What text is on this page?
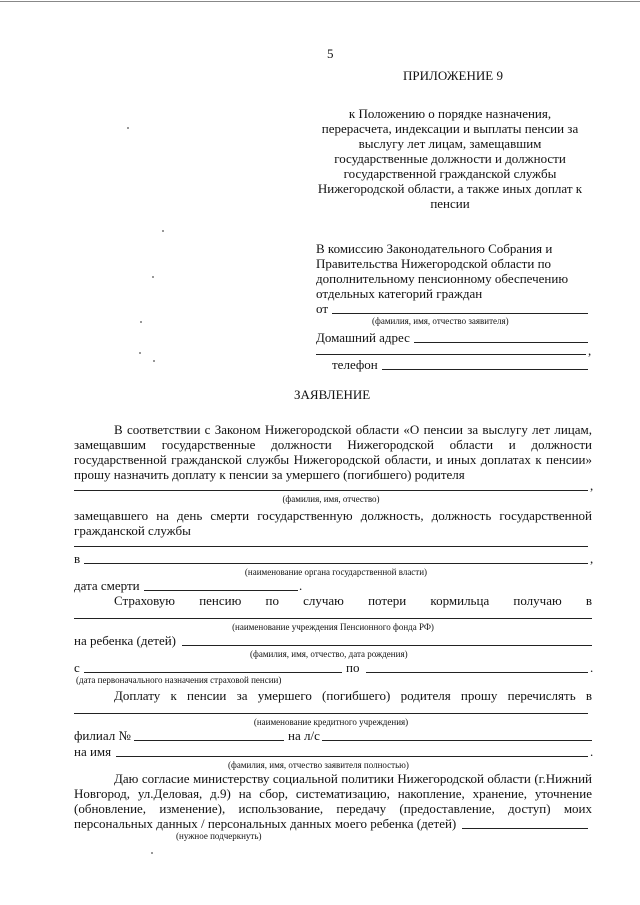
5
ПРИЛОЖЕНИЕ 9
к Положению о порядке назначения,
перерасчета, индексации и выплаты пенсии за
выслугу лет лицам, замещавшим
государственные должности и должности
государственной гражданской службы
Нижегородской области, а также иных доплат к
пенсии
В комиссию Законодательного Собрания и
Правительства Нижегородской области по
дополнительному пенсионному обеспечению
отдельных категорий граждан
от
(фамилия, имя, отчество заявителя)
Домашний адрес
,
телефон
ЗАЯВЛЕНИЕ
В соответствии с Законом Нижегородской области «О пенсии за выслугу лет лицам,
замещавшим государственные должности Нижегородской области и должности
государственной гражданской службы Нижегородской области, и иных доплатах к пенсии»
прошу назначить доплату к пенсии за умершего (погибшего) родителя
,
(фамилия, имя, отчество)
замещавшего на день смерти государственную должность, должность государственной
гражданской службы
в	,
(наименование органа государственной власти)
дата смерти	.
Страховую пенсию по случаю потери кормильца получаю в
(наименование учреждения Пенсионного фонда РФ)
на ребенка (детей)
(фамилия, имя, отчество, дата рождения)
с	по	.
(дата первоначального назначения страховой пенсии)
Доплату к пенсии за умершего (погибшего) родителя прошу перечислять в
(наименование кредитного учреждения)
филиал №	на л/с
на имя	.
(фамилия, имя, отчество заявителя полностью)
Даю согласие министерству социальной политики Нижегородской области (г.Нижний
Новгород, ул.Деловая, д.9) на сбор, систематизацию, накопление, хранение, уточнение
(обновление, изменение), использование, передачу (предоставление, доступ) моих
персональных данных / персональных данных моего ребенка (детей)
(нужное подчеркнуть)
